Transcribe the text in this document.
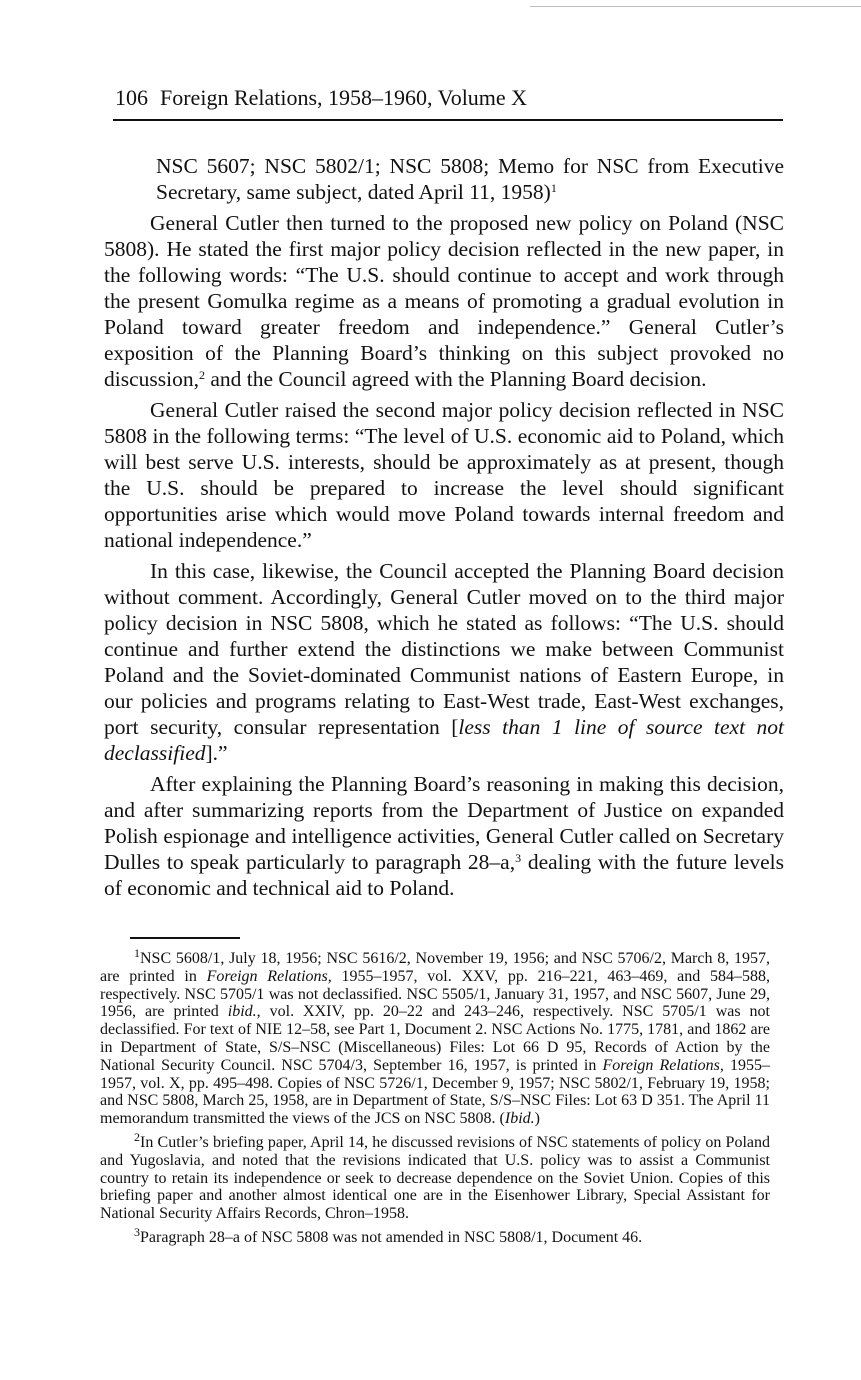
106 Foreign Relations, 1958–1960, Volume X

NSC 5607; NSC 5802/1; NSC 5808; Memo for NSC from Executive Secretary, same subject, dated April 11, 1958)$^1$

General Cutler then turned to the proposed new policy on Poland (NSC 5808). He stated the first major policy decision reflected in the new paper, in the following words: “The U.S. should continue to accept and work through the present Gomulka regime as a means of promoting a gradual evolution in Poland toward greater freedom and independence.” General Cutler’s exposition of the Planning Board’s thinking on this subject provoked no discussion,$^2$ and the Council agreed with the Planning Board decision.

General Cutler raised the second major policy decision reflected in NSC 5808 in the following terms: “The level of U.S. economic aid to Poland, which will best serve U.S. interests, should be approximately as at present, though the U.S. should be prepared to increase the level should significant opportunities arise which would move Poland towards internal freedom and national independence.”

In this case, likewise, the Council accepted the Planning Board decision without comment. Accordingly, General Cutler moved on to the third major policy decision in NSC 5808, which he stated as follows: “The U.S. should continue and further extend the distinctions we make between Communist Poland and the Soviet-dominated Communist nations of Eastern Europe, in our policies and programs relating to East-West trade, East-West exchanges, port security, consular representation [less than 1 line of source text not declassified].”

After explaining the Planning Board’s reasoning in making this decision, and after summarizing reports from the Department of Justice on expanded Polish espionage and intelligence activities, General Cutler called on Secretary Dulles to speak particularly to paragraph 28–a,$^3$ dealing with the future levels of economic and technical aid to Poland.

$^1$NSC 5608/1, July 18, 1956; NSC 5616/2, November 19, 1956; and NSC 5706/2, March 8, 1957, are printed in Foreign Relations, 1955–1957, vol. XXV, pp. 216–221, 463–469, and 584–588, respectively. NSC 5705/1 was not declassified. NSC 5505/1, January 31, 1957, and NSC 5607, June 29, 1956, are printed ibid., vol. XXIV, pp. 20–22 and 243–246, respectively. NSC 5705/1 was not declassified. For text of NIE 12–58, see Part 1, Document 2. NSC Actions No. 1775, 1781, and 1862 are in Department of State, S/S–NSC (Miscellaneous) Files: Lot 66 D 95, Records of Action by the National Security Council. NSC 5704/3, September 16, 1957, is printed in Foreign Relations, 1955–1957, vol. X, pp. 495–498. Copies of NSC 5726/1, December 9, 1957; NSC 5802/1, February 19, 1958; and NSC 5808, March 25, 1958, are in Department of State, S/S–NSC Files: Lot 63 D 351. The April 11 memorandum transmitted the views of the JCS on NSC 5808. (Ibid.)

$^2$In Cutler’s briefing paper, April 14, he discussed revisions of NSC statements of policy on Poland and Yugoslavia, and noted that the revisions indicated that U.S. policy was to assist a Communist country to retain its independence or seek to decrease dependence on the Soviet Union. Copies of this briefing paper and another almost identical one are in the Eisenhower Library, Special Assistant for National Security Affairs Records, Chron–1958.

$^3$Paragraph 28–a of NSC 5808 was not amended in NSC 5808/1, Document 46.
